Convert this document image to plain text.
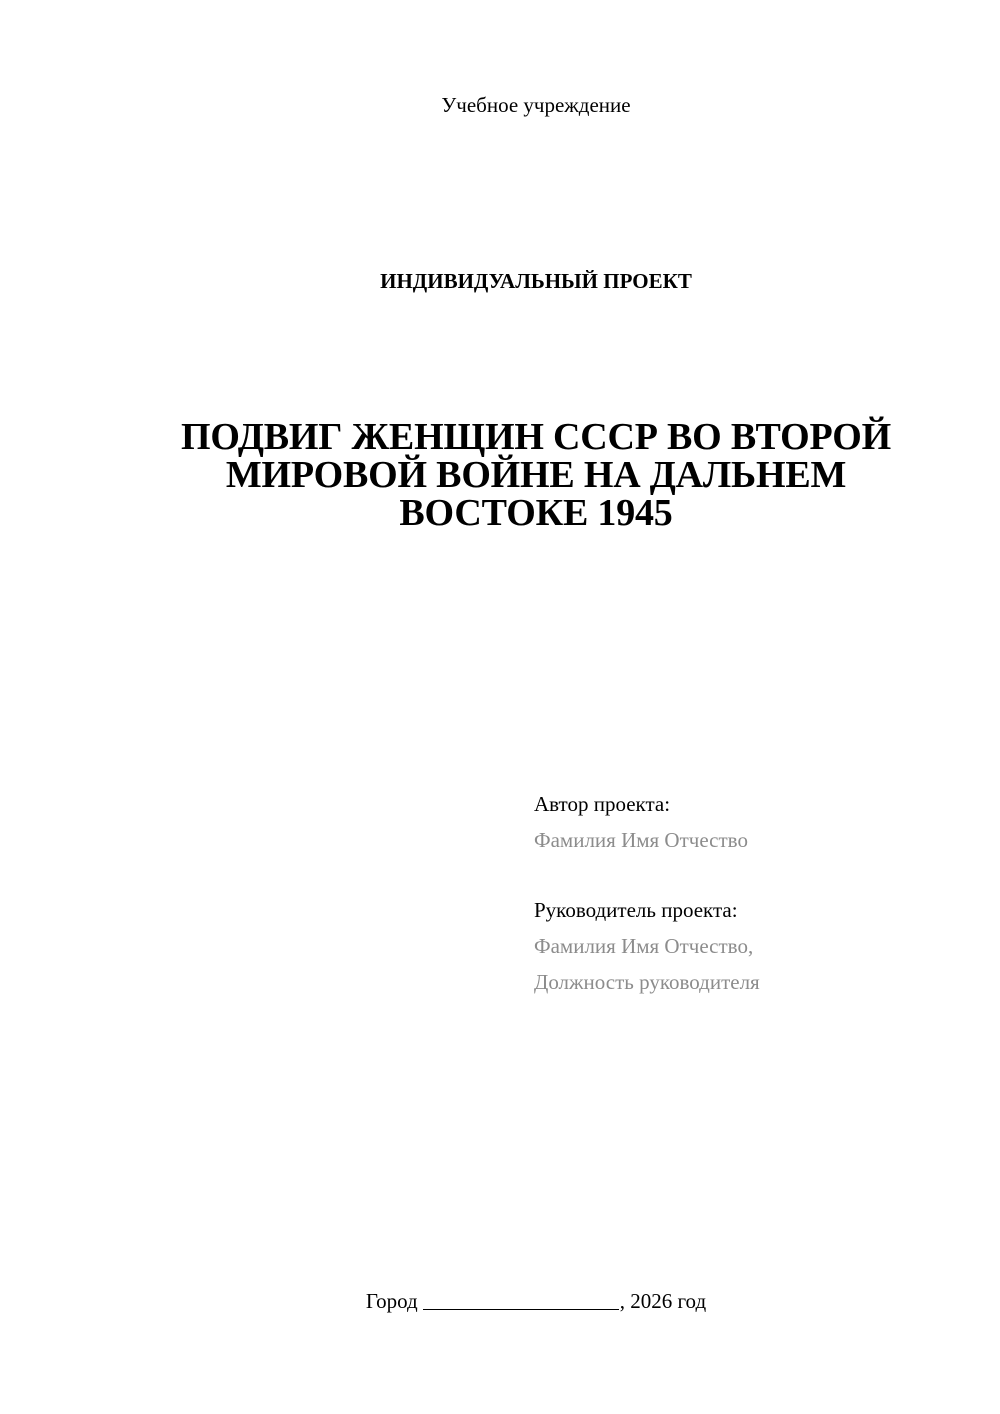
Учебное учреждение
ИНДИВИДУАЛЬНЫЙ ПРОЕКТ
ПОДВИГ ЖЕНЩИН СССР ВО ВТОРОЙ
МИРОВОЙ ВОЙНЕ НА ДАЛЬНЕМ
ВОСТОКЕ 1945
Автор проекта:
Фамилия Имя Отчество
Руководитель проекта:
Фамилия Имя Отчество,
Должность руководителя
Город	, 2026 год
